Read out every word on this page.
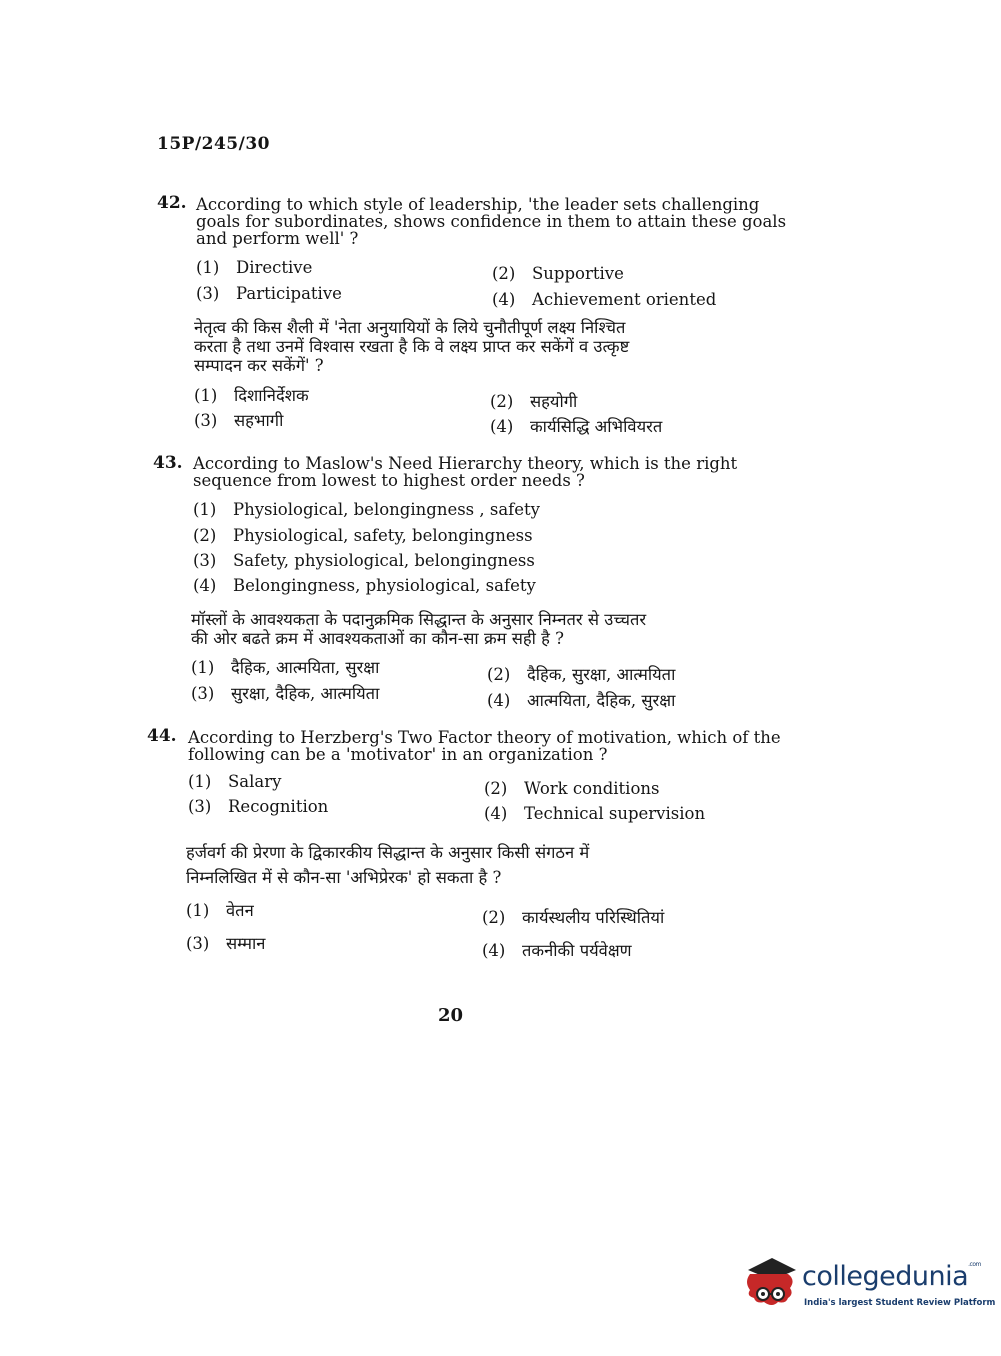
15P/245/30
42. According to which style of leadership, 'the leader sets challenging
goals for subordinates, shows confidence in them to attain these goals
and perform well' ?
(1) Directive	(2) Supportive
(3) Participative	(4) Achievement oriented
नेतृत्व की किस शैली में 'नेता अनुयायियों के लिये चुनौतीपूर्ण लक्ष्य निश्चित
करता है तथा उनमें विश्वास रखता है कि वे लक्ष्य प्राप्त कर सकेंगें व उत्कृष्ट
सम्पादन कर सकेंगें' ?
(1) दिशानिर्देशक	(2) सहयोगी
(3) सहभागी	(4) कार्यसिद्धि अभिवियरत
43. According to Maslow's Need Hierarchy theory, which is the right
sequence from lowest to highest order needs ?
(1) Physiological, belongingness , safety
(2) Physiological, safety, belongingness
(3) Safety, physiological, belongingness
(4) Belongingness, physiological, safety
मॉस्लों के आवश्यकता के पदानुक्रमिक सिद्धान्त के अनुसार निम्नतर से उच्चतर
की ओर बढते क्रम में आवश्यकताओं का कौन-सा क्रम सही है ?
(1) दैहिक, आत्मयिता, सुरक्षा	(2) दैहिक, सुरक्षा, आत्मयिता
(3) सुरक्षा, दैहिक, आत्मयिता	(4) आत्मयिता, दैहिक, सुरक्षा
44. According to Herzberg's Two Factor theory of motivation, which of the
following can be a 'motivator' in an organization ?
(1) Salary	(2) Work conditions
(3) Recognition	(4) Technical supervision
हर्जवर्ग की प्रेरणा के द्विकारकीय सिद्धान्त के अनुसार किसी संगठन में
निम्नलिखित में से कौन-सा 'अभिप्रेरक' हो सकता है ?
(1) वेतन	(2) कार्यस्थलीय परिस्थितियां
(3) सम्मान	(4) तकनीकी पर्यवेक्षण
20
collegedunia$^{.com}$
India's largest Student Review Platform
